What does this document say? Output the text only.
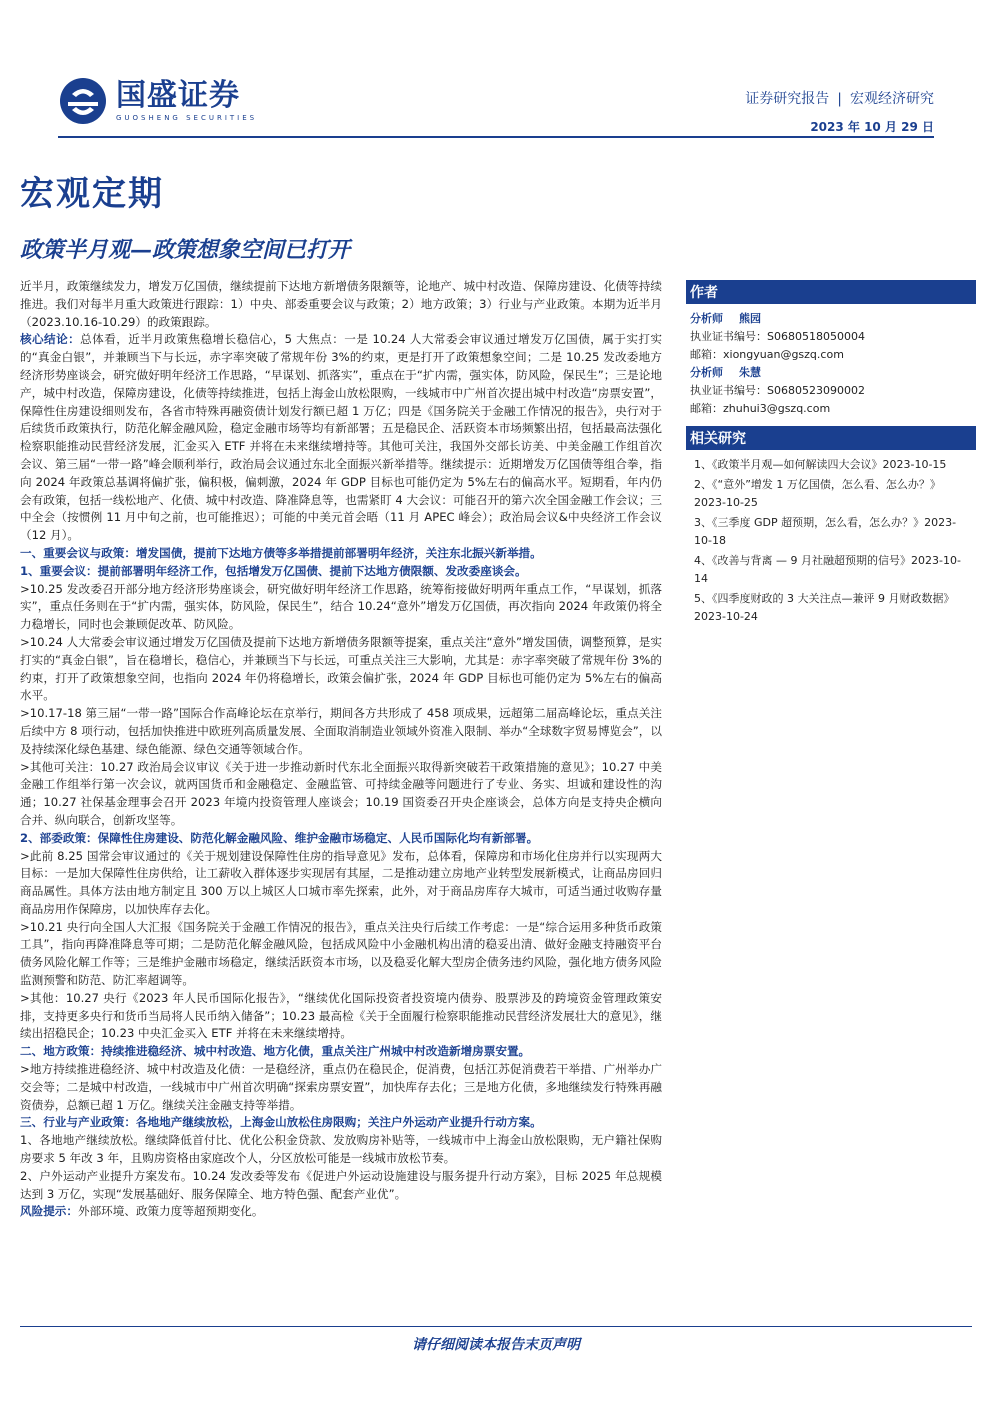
国盛证券
GUOSHENG SECURITIES
证券研究报告 | 宏观经济研究
2023 年 10 月 29 日
宏观定期
政策半月观—政策想象空间已打开

近半月，政策继续发力，增发万亿国债，继续提前下达地方新增债务限额等，论地产、城中村改造、保障房建设、化债等持续推进。我们对每半月重大政策进行跟踪：1）中央、部委重要会议与政策；2）地方政策；3）行业与产业政策。本期为近半月（2023.10.16-10.29）的政策跟踪。

核心结论：总体看，近半月政策焦稳增长稳信心，5 大焦点：一是 10.24 人大常委会审议通过增发万亿国债，属于实打实的“真金白银”，并兼顾当下与长远，赤字率突破了常规年份 3%的约束，更是打开了政策想象空间；二是 10.25 发改委地方经济形势座谈会，研究做好明年经济工作思路，“早谋划、抓落实”，重点在于“扩内需，强实体，防风险，保民生”；三是论地产，城中村改造，保障房建设，化债等持续推进，包括上海金山放松限购，一线城市中广州首次提出城中村改造“房票安置”，保障性住房建设细则发布，各省市特殊再融资债计划发行额已超 1 万亿；四是《国务院关于金融工作情况的报告》，央行对于后续货币政策执行，防范化解金融风险，稳定金融市场等均有新部署；五是稳民企、活跃资本市场频繁出招，包括最高法强化检察职能推动民营经济发展，汇金买入 ETF 并将在未来继续增持等。其他可关注，我国外交部长访美、中美金融工作组首次会议、第三届“一带一路”峰会顺利举行，政治局会议通过东北全面振兴新举措等。继续提示：近期增发万亿国债等组合拳，指向 2024 年政策总基调将偏扩张，偏积极，偏刺激，2024 年 GDP 目标也可能仍定为 5%左右的偏高水平。短期看，年内仍会有政策，包括一线松地产、化债、城中村改造、降准降息等，也需紧盯 4 大会议：可能召开的第六次全国金融工作会议；三中全会（按惯例 11 月中旬之前，也可能推迟）；可能的中美元首会晤（11 月 APEC 峰会）；政治局会议&中央经济工作会议（12 月）。

一、重要会议与政策：增发国债，提前下达地方债等多举措提前部署明年经济，关注东北振兴新举措。

1、重要会议：提前部署明年经济工作，包括增发万亿国债、提前下达地方债限额、发改委座谈会。

>10.25 发改委召开部分地方经济形势座谈会，研究做好明年经济工作思路，统筹衔接做好明两年重点工作，“早谋划，抓落实”，重点任务则在于“扩内需，强实体，防风险，保民生”，结合 10.24“意外”增发万亿国债，再次指向 2024 年政策仍将全力稳增长，同时也会兼顾促改革、防风险。

>10.24 人大常委会审议通过增发万亿国债及提前下达地方新增债务限额等提案，重点关注“意外”增发国债，调整预算，是实打实的“真金白银”，旨在稳增长，稳信心，并兼顾当下与长远，可重点关注三大影响，尤其是：赤字率突破了常规年份 3%的约束，打开了政策想象空间，也指向 2024 年仍将稳增长，政策会偏扩张，2024 年 GDP 目标也可能仍定为 5%左右的偏高水平。

>10.17-18 第三届“一带一路”国际合作高峰论坛在京举行，期间各方共形成了 458 项成果，远超第二届高峰论坛，重点关注后续中方 8 项行动，包括加快推进中欧班列高质量发展、全面取消制造业领域外资准入限制、举办“全球数字贸易博览会”，以及持续深化绿色基建、绿色能源、绿色交通等领域合作。

>其他可关注：10.27 政治局会议审议《关于进一步推动新时代东北全面振兴取得新突破若干政策措施的意见》；10.27 中美金融工作组举行第一次会议，就两国货币和金融稳定、金融监管、可持续金融等问题进行了专业、务实、坦诚和建设性的沟通；10.27 社保基金理事会召开 2023 年境内投资管理人座谈会；10.19 国资委召开央企座谈会，总体方向是支持央企横向合并、纵向联合，创新攻坚等。

2、部委政策：保障性住房建设、防范化解金融风险、维护金融市场稳定、人民币国际化均有新部署。

>此前 8.25 国常会审议通过的《关于规划建设保障性住房的指导意见》发布，总体看，保障房和市场化住房并行以实现两大目标：一是加大保障性住房供给，让工薪收入群体逐步实现居有其屋，二是推动建立房地产业转型发展新模式，让商品房回归商品属性。具体方法由地方制定且 300 万以上城区人口城市率先探索，此外，对于商品房库存大城市，可适当通过收购存量商品房用作保障房，以加快库存去化。

>10.21 央行向全国人大汇报《国务院关于金融工作情况的报告》，重点关注央行后续工作考虑：一是“综合运用多种货币政策工具”，指向再降准降息等可期；二是防范化解金融风险，包括成风险中小金融机构出清的稳妥出清、做好金融支持融资平台债务风险化解工作等；三是维护金融市场稳定，继续活跃资本市场，以及稳妥化解大型房企债务违约风险，强化地方债务风险监测预警和防范、防汇率超调等。

>其他：10.27 央行《2023 年人民币国际化报告》，“继续优化国际投资者投资境内债券、股票涉及的跨境资金管理政策安排，支持更多央行和货币当局将人民币纳入储备”；10.23 最高检《关于全面履行检察职能推动民营经济发展壮大的意见》，继续出招稳民企；10.23 中央汇金买入 ETF 并将在未来继续增持。

二、地方政策：持续推进稳经济、城中村改造、地方化债，重点关注广州城中村改造新增房票安置。

>地方持续推进稳经济、城中村改造及化债：一是稳经济，重点仍在稳民企，促消费，包括江苏促消费若干举措、广州举办广交会等；二是城中村改造，一线城市中广州首次明确“探索房票安置”，加快库存去化；三是地方化债，多地继续发行特殊再融资债券，总额已超 1 万亿。继续关注金融支持等举措。

三、行业与产业政策：各地地产继续放松，上海金山放松住房限购；关注户外运动产业提升行动方案。

1、各地地产继续放松。继续降低首付比、优化公积金贷款、发放购房补贴等，一线城市中上海金山放松限购，无户籍社保购房要求 5 年改 3 年，且购房资格由家庭改个人，分区放松可能是一线城市放松节奏。

2、户外运动产业提升方案发布。10.24 发改委等发布《促进户外运动设施建设与服务提升行动方案》，目标 2025 年总规模达到 3 万亿，实现“发展基础好、服务保障全、地方特色强、配套产业优”。

风险提示：外部环境、政策力度等超预期变化。

作者
分析师 熊园
执业证书编号：S0680518050004
邮箱：xiongyuan@gszq.com
分析师 朱慧
执业证书编号：S0680523090002
邮箱：zhuhui3@gszq.com
相关研究
1、《政策半月观—如何解读四大会议》2023-10-15
2、《“意外”增发 1 万亿国债，怎么看、怎么办？》2023-10-25
3、《三季度 GDP 超预期，怎么看，怎么办？》2023-10-18
4、《改善与背离 — 9 月社融超预期的信号》2023-10-14
5、《四季度财政的 3 大关注点—兼评 9 月财政数据》2023-10-24
请仔细阅读本报告末页声明
